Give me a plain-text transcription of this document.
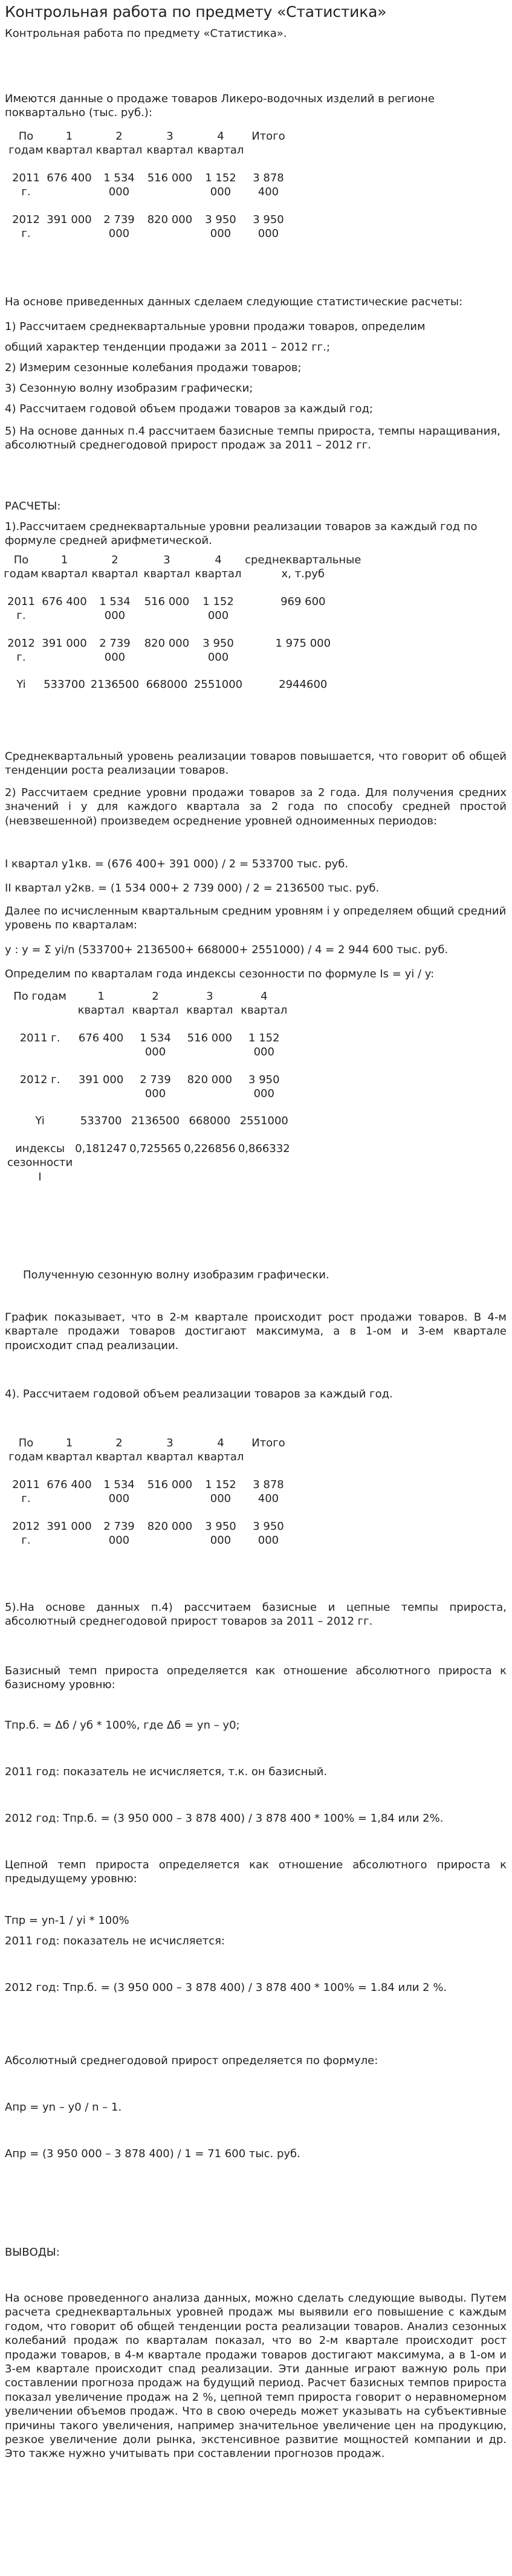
Контрольная работа по предмету «Статистика»

Контрольная работа по предмету «Статистика».

Имеются данные о продаже товаров Ликеро-водочных изделий в регионе поквартально (тыс. руб.):

По годам	1 квартал	2 квартал	3 квартал	4 квартал	Итого

2011 г.	676 400	1 534 000	516 000	1 152 000	3 878 400

2012 г.	391 000	2 739 000	820 000	3 950 000	3 950 000

На основе приведенных данных сделаем следующие статистические расчеты:

1) Рассчитаем среднеквартальные уровни продажи товаров, определим

общий характер тенденции продажи за 2011 – 2012 гг.;

2) Измерим сезонные колебания продажи товаров;

3) Сезонную волну изобразим графически;

4) Рассчитаем годовой объем продажи товаров за каждый год;

5) На основе данных п.4 рассчитаем базисные темпы прироста, темпы наращивания, абсолютный среднегодовой прирост продаж за 2011 – 2012 гг.

РАСЧЕТЫ:

1).Рассчитаем среднеквартальные уровни реализации товаров за каждый год по формуле средней арифметической.

По годам	1 квартал	2 квартал	3 квартал	4 квартал	среднеквартальные х, т.руб

2011 г.	676 400	1 534 000	516 000	1 152 000	969 600

2012 г.	391 000	2 739 000	820 000	3 950 000	1 975 000

Yi	533700	2136500	668000	2551000	2944600

Среднеквартальный уровень реализации товаров повышается, что говорит об общей тенденции роста реализации товаров.

2) Рассчитаем средние уровни продажи товаров за 2 года. Для получения средних значений i у для каждого квартала за 2 года по способу средней простой (невзвешенной) произведем осреднение уровней одноименных периодов:

I квартал y1кв. = (676 400+ 391 000) / 2 = 533700 тыс. руб.

II квартал y2кв. = (1 534 000+ 2 739 000) / 2 = 2136500 тыс. руб.

Далее по исчисленным квартальным средним уровням i у определяем общий средний уровень по кварталам:

y : y = Σ yi/n (533700+ 2136500+ 668000+ 2551000) / 4 = 2 944 600 тыс. руб.

Определим по кварталам года индексы сезонности по формуле Is = yi / y:

По годам	1 квартал	2 квартал	3 квартал	4 квартал

2011 г.	676 400	1 534 000	516 000	1 152 000

2012 г.	391 000	2 739 000	820 000	3 950 000

Yi	533700	2136500	668000	2551000

индексы сезонности I	0,181247	0,725565	0,226856	0,866332

Полученную сезонную волну изобразим графически.

График показывает, что в 2-м квартале происходит рост продажи товаров. В 4-м квартале продажи товаров достигают максимума, а в 1-ом и 3-ем квартале происходит спад реализации.

4). Рассчитаем годовой объем реализации товаров за каждый год.

По годам	1 квартал	2 квартал	3 квартал	4 квартал	Итого

2011 г.	676 400	1 534 000	516 000	1 152 000	3 878 400

2012 г.	391 000	2 739 000	820 000	3 950 000	3 950 000

5).На основе данных п.4) рассчитаем базисные и цепные темпы прироста, абсолютный среднегодовой прирост товаров за 2011 – 2012 гг.

Базисный темп прироста определяется как отношение абсолютного прироста к базисному уровню:

Tпр.б. = Δб / yб * 100%, где Δб = yn – y0;

2011 год: показатель не исчисляется, т.к. он базисный.

2012 год: Tпр.б. = (3 950 000 – 3 878 400) / 3 878 400 * 100% = 1,84 или 2%.

Цепной темп прироста определяется как отношение абсолютного прироста к предыдущему уровню:

Tпр = yn-1 / yi * 100%

2011 год: показатель не исчисляется:

2012 год: Tпр.б. = (3 950 000 – 3 878 400) / 3 878 400 * 100% = 1.84 или 2 %.

Абсолютный среднегодовой прирост определяется по формуле:

Aпр = yn – y0 / n – 1.

Aпр = (3 950 000 – 3 878 400) / 1 = 71 600 тыс. руб.

ВЫВОДЫ:

На основе проведенного анализа данных, можно сделать следующие выводы. Путем расчета среднеквартальных уровней продаж мы выявили его повышение с каждым годом, что говорит об общей тенденции роста реализации товаров. Анализ сезонных колебаний продаж по кварталам показал, что во 2-м квартале происходит рост продажи товаров, в 4-м квартале продажи товаров достигают максимума, а в 1-ом и 3-ем квартале происходит спад реализации. Эти данные играют важную роль при составлении прогноза продаж на будущий период. Расчет базисных темпов прироста показал увеличение продаж на 2 %, цепной темп прироста говорит о неравномерном увеличении объемов продаж. Что в свою очередь может указывать на субъективные причины такого увеличения, например значительное увеличение цен на продукцию, резкое увеличение доли рынка, экстенсивное развитие мощностей компании и др. Это также нужно учитывать при составлении прогнозов продаж.
